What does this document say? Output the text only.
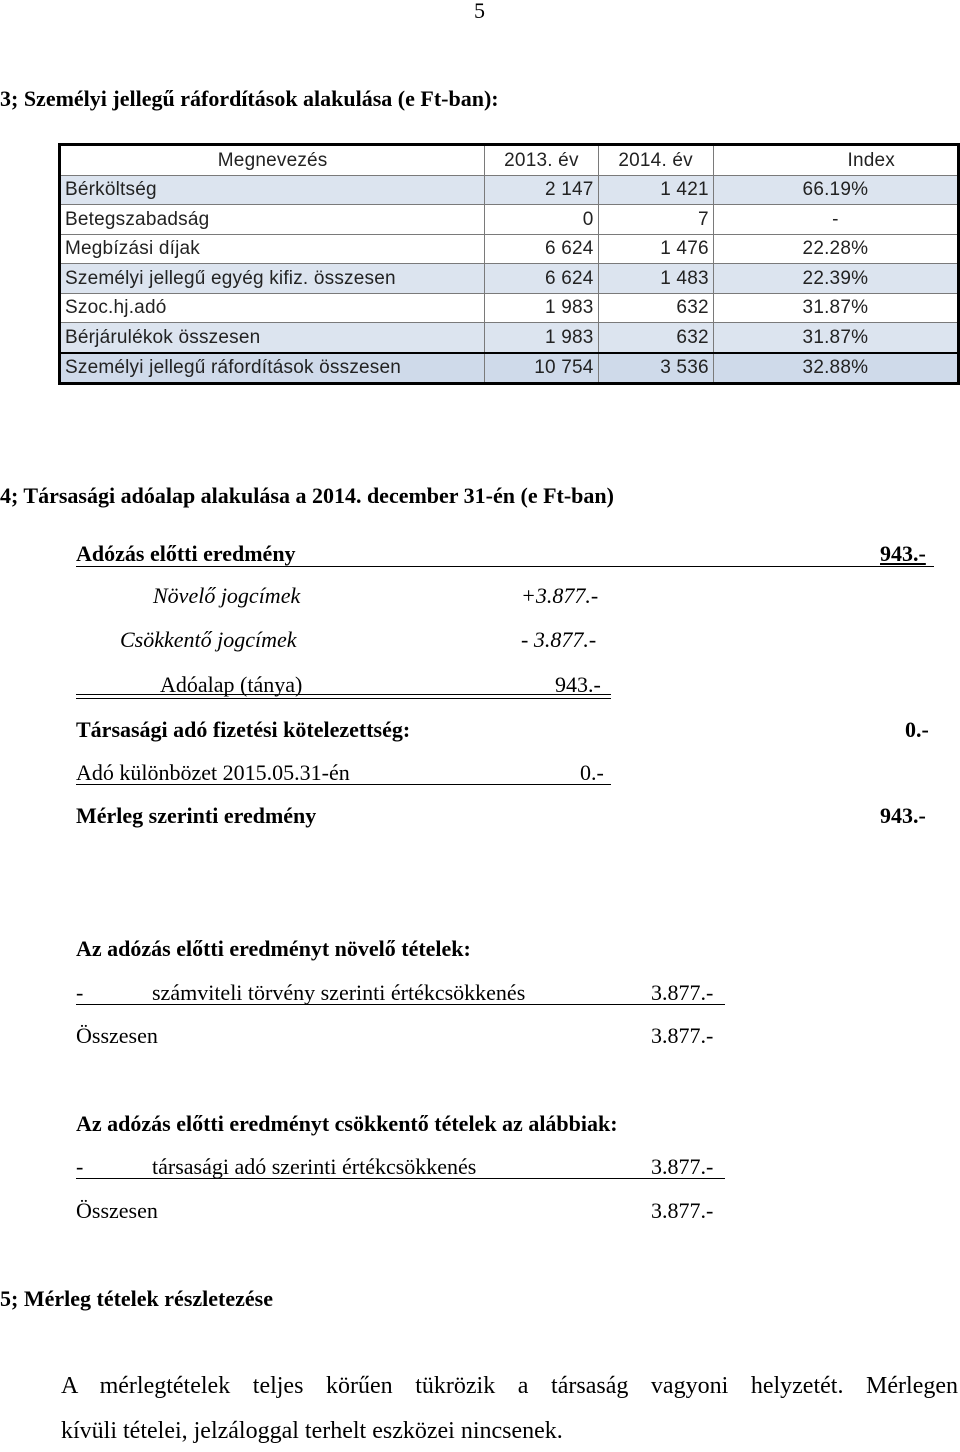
5
3; Személyi jellegű ráfordítások alakulása (e Ft-ban):
Megnevezés	2013. év	2014. év	Index
Bérköltség	2 147	1 421	66.19%
Betegszabadság	0	7	-
Megbízási díjak	6 624	1 476	22.28%
Személyi jellegű egyég kifiz. összesen	6 624	1 483	22.39%
Szoc.hj.adó	1 983	632	31.87%
Bérjárulékok összesen	1 983	632	31.87%
Személyi jellegű ráfordítások összesen	10 754	3 536	32.88%
4; Társasági adóalap alakulása a 2014. december 31-én (e Ft-ban)
Adózás előtti eredmény	943.-
Növelő jogcímek	+3.877.-
Csökkentő jogcímek	- 3.877.-
Adóalap (tánya)	943.-
Társasági adó fizetési kötelezettség:	0.-
Adó különbözet 2015.05.31-én	0.-
Mérleg szerinti eredmény	943.-
Az adózás előtti eredményt növelő tételek:
-	számviteli törvény szerinti értékcsökkenés	3.877.-
Összesen	3.877.-
Az adózás előtti eredményt csökkentő tételek az alábbiak:
-	társasági adó szerinti értékcsökkenés	3.877.-
Összesen	3.877.-
5; Mérleg tételek részletezése
A mérlegtételek teljes körűen tükrözik a társaság vagyoni helyzetét. Mérlegen
kívüli tételei, jelzáloggal terhelt eszközei nincsenek.
